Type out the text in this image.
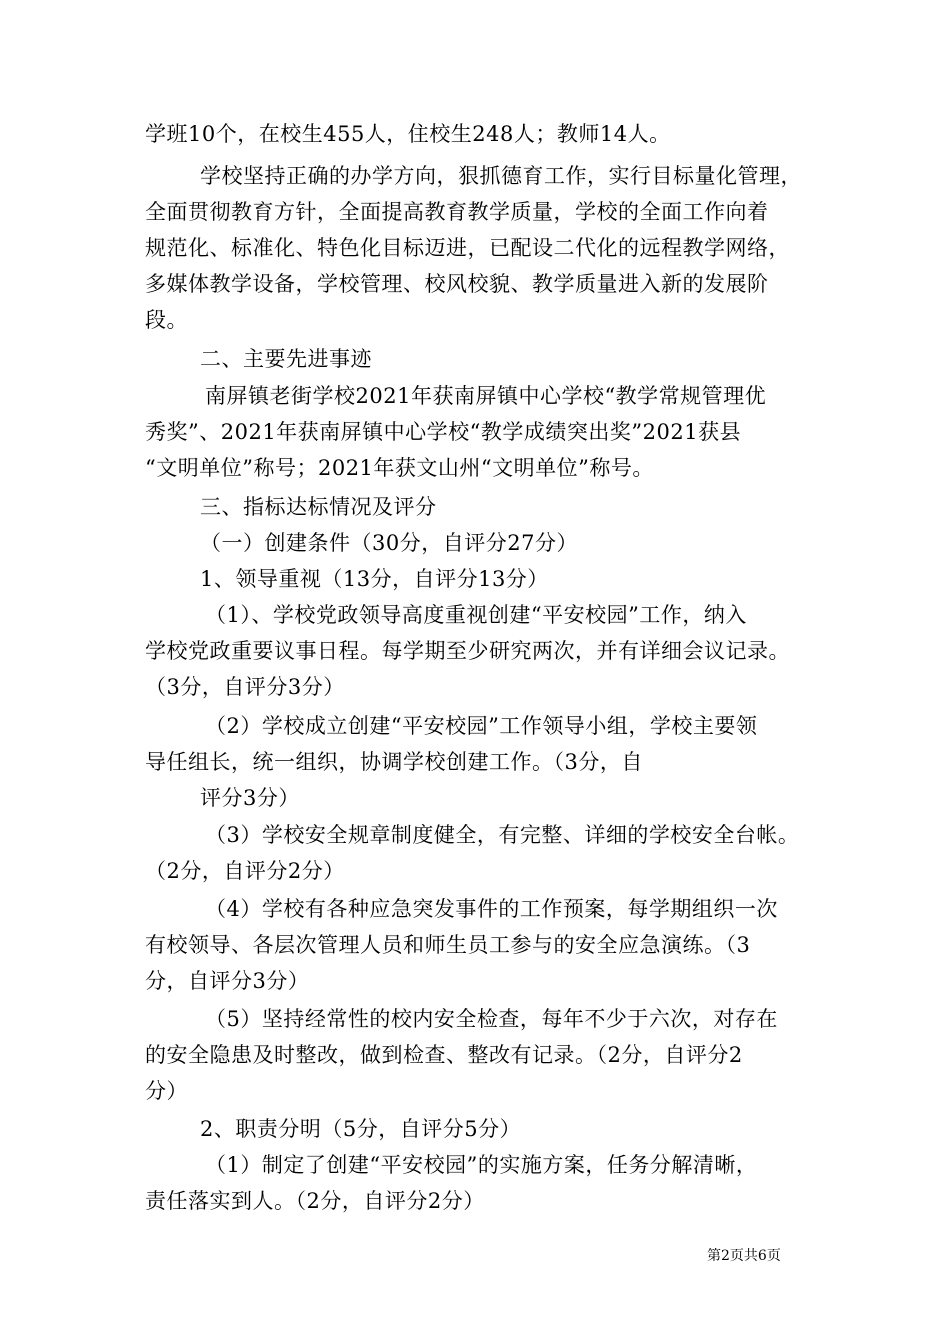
学班10个，在校生455人，住校生248人；教师14人。
学校坚持正确的办学方向，狠抓德育工作，实行目标量化管理，
全面贯彻教育方针，全面提高教育教学质量，学校的全面工作向着
规范化、标准化、特色化目标迈进，已配设二代化的远程教学网络，
多媒体教学设备，学校管理、校风校貌、教学质量进入新的发展阶
段。
二、主要先进事迹
南屏镇老街学校2021年获南屏镇中心学校“教学常规管理优
秀奖”、2021年获南屏镇中心学校“教学成绩突出奖”2021获县
“文明单位”称号；2021年获文山州“文明单位”称号。
三、指标达标情况及评分
（一）创建条件（30分，自评分27分）
1、领导重视（13分，自评分13分）
（1）、学校党政领导高度重视创建“平安校园”工作，纳入
学校党政重要议事日程。每学期至少研究两次，并有详细会议记录。
（3分，自评分3分）
（2）学校成立创建“平安校园”工作领导小组，学校主要领
导任组长，统一组织，协调学校创建工作。（3分，自
评分3分）
（3）学校安全规章制度健全，有完整、详细的学校安全台帐。
（2分，自评分2分）
（4）学校有各种应急突发事件的工作预案，每学期组织一次
有校领导、各层次管理人员和师生员工参与的安全应急演练。（3
分，自评分3分）
（5）坚持经常性的校内安全检查，每年不少于六次，对存在
的安全隐患及时整改，做到检查、整改有记录。（2分，自评分2
分）
2、职责分明（5分，自评分5分）
（1）制定了创建“平安校园”的实施方案，任务分解清晰，
责任落实到人。（2分，自评分2分）
第2页共6页
